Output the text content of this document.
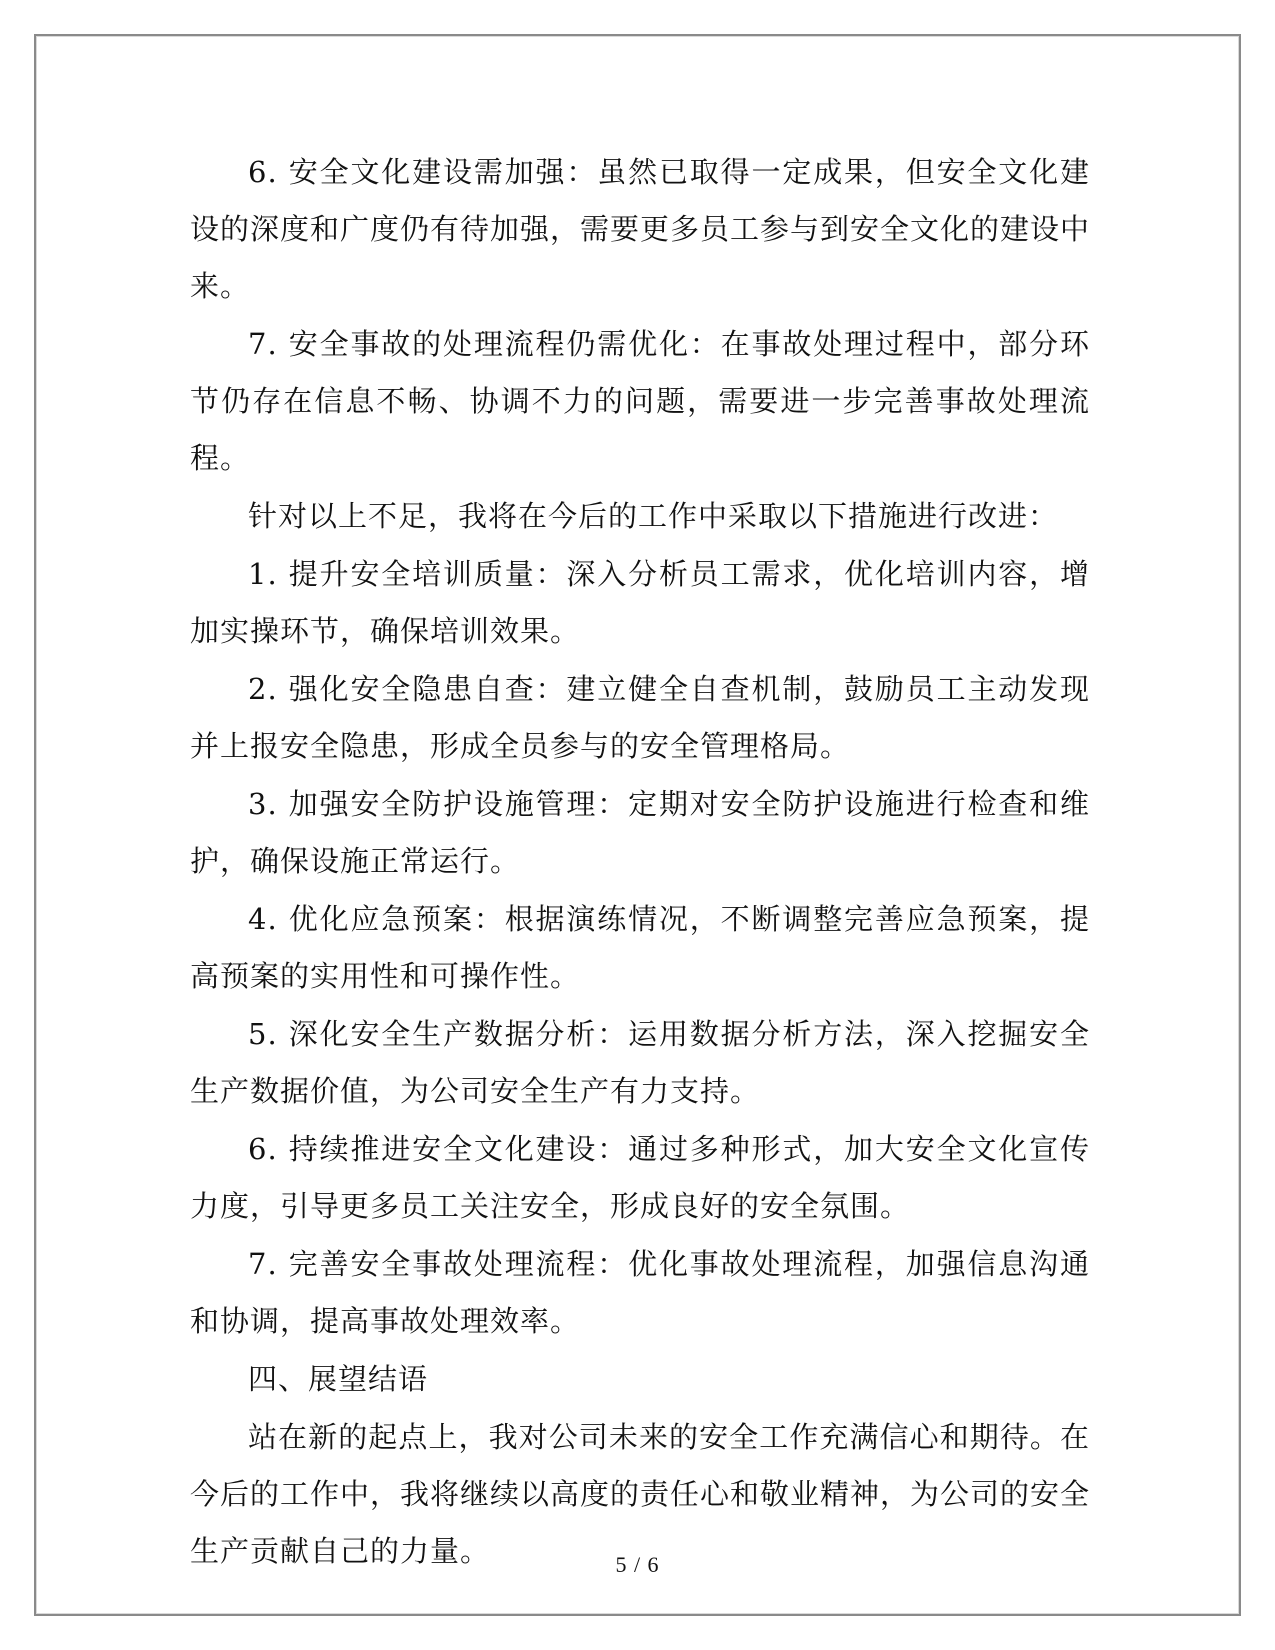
6. 安全文化建设需加强：虽然已取得一定成果，但安全文化建设的深度和广度仍有待加强，需要更多员工参与到安全文化的建设中来。

7. 安全事故的处理流程仍需优化：在事故处理过程中，部分环节仍存在信息不畅、协调不力的问题，需要进一步完善事故处理流程。

针对以上不足，我将在今后的工作中采取以下措施进行改进：

1. 提升安全培训质量：深入分析员工需求，优化培训内容，增加实操环节，确保培训效果。

2. 强化安全隐患自查：建立健全自查机制，鼓励员工主动发现并上报安全隐患，形成全员参与的安全管理格局。

3. 加强安全防护设施管理：定期对安全防护设施进行检查和维护，确保设施正常运行。

4. 优化应急预案：根据演练情况，不断调整完善应急预案，提高预案的实用性和可操作性。

5. 深化安全生产数据分析：运用数据分析方法，深入挖掘安全生产数据价值，为公司安全生产有力支持。

6. 持续推进安全文化建设：通过多种形式，加大安全文化宣传力度，引导更多员工关注安全，形成良好的安全氛围。

7. 完善安全事故处理流程：优化事故处理流程，加强信息沟通和协调，提高事故处理效率。

四、展望结语

站在新的起点上，我对公司未来的安全工作充满信心和期待。在今后的工作中，我将继续以高度的责任心和敬业精神，为公司的安全生产贡献自己的力量。	5 / 6
